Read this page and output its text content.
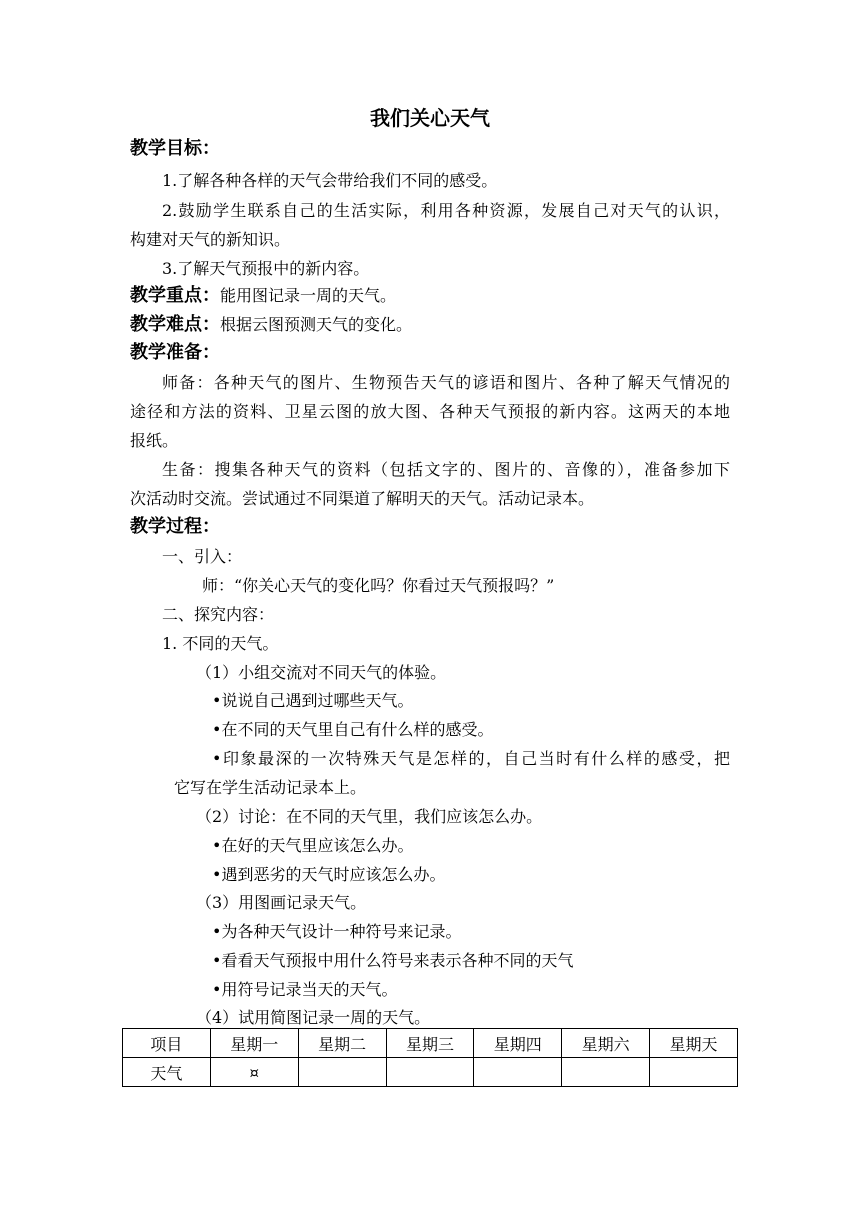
我们关心天气
教学目标：
1.了解各种各样的天气会带给我们不同的感受。
2.鼓励学生联系自己的生活实际，利用各种资源，发展自己对天气的认识，
构建对天气的新知识。
3.了解天气预报中的新内容。
教学重点：能用图记录一周的天气。
教学难点：根据云图预测天气的变化。
教学准备：
师备：各种天气的图片、生物预告天气的谚语和图片、各种了解天气情况的
途径和方法的资料、卫星云图的放大图、各种天气预报的新内容。这两天的本地
报纸。
生备：搜集各种天气的资料（包括文字的、图片的、音像的），准备参加下
次活动时交流。尝试通过不同渠道了解明天的天气。活动记录本。
教学过程：
一、引入：
师：“你关心天气的变化吗？你看过天气预报吗？”
二、探究内容：
1. 不同的天气。
（1）小组交流对不同天气的体验。
•说说自己遇到过哪些天气。
•在不同的天气里自己有什么样的感受。
•印象最深的一次特殊天气是怎样的，自己当时有什么样的感受，把
它写在学生活动记录本上。
（2）讨论：在不同的天气里，我们应该怎么办。
•在好的天气里应该怎么办。
•遇到恶劣的天气时应该怎么办。
（3）用图画记录天气。
•为各种天气设计一种符号来记录。
•看看天气预报中用什么符号来表示各种不同的天气
•用符号记录当天的天气。
（4）试用简图记录一周的天气。
项目	星期一	星期二	星期三	星期四	星期六	星期天
天气	¤					
